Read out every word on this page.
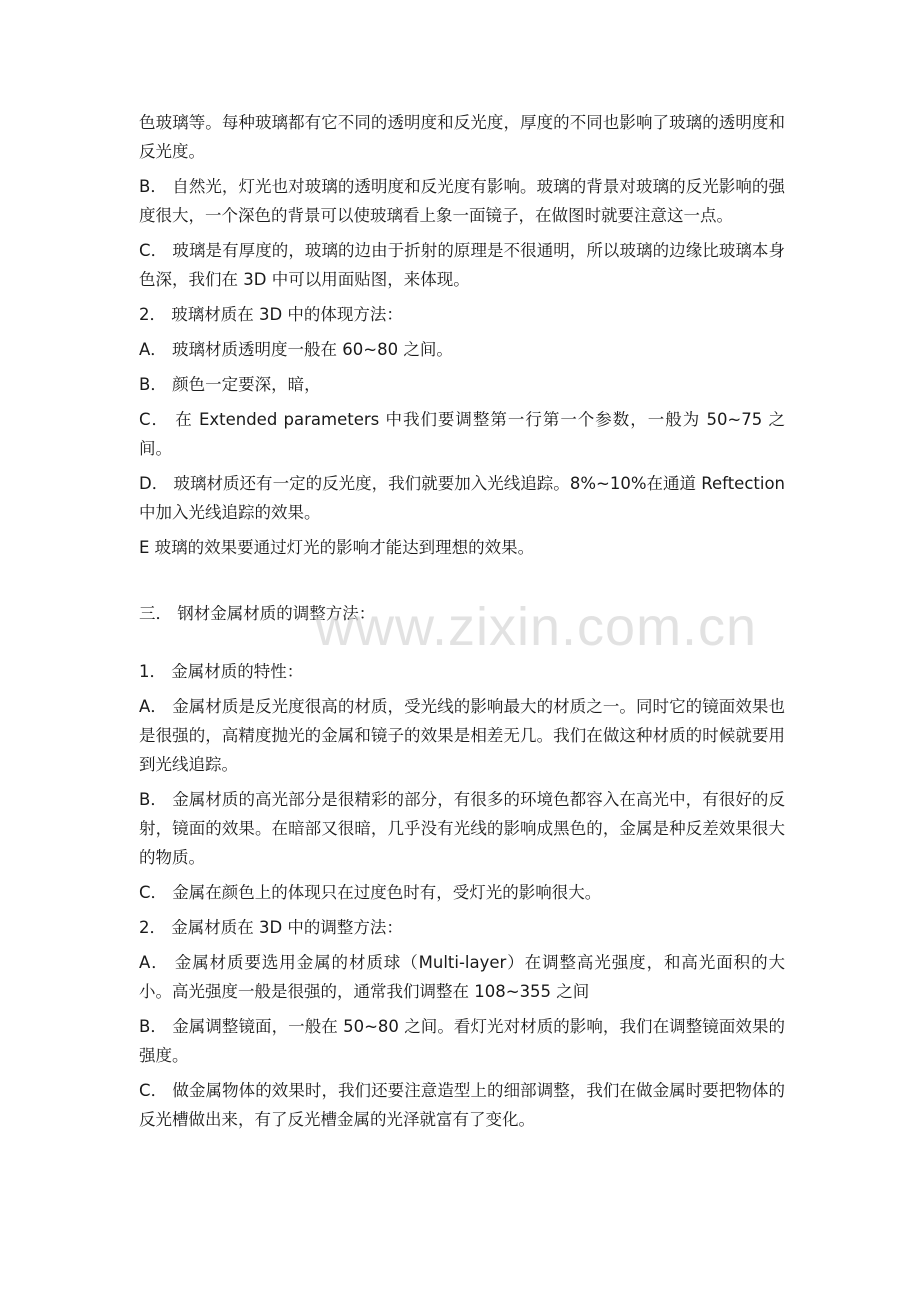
色玻璃等。每种玻璃都有它不同的透明度和反光度，厚度的不同也影响了玻璃的透明度和反光度。

B． 自然光，灯光也对玻璃的透明度和反光度有影响。玻璃的背景对玻璃的反光影响的强度很大，一个深色的背景可以使玻璃看上象一面镜子，在做图时就要注意这一点。

C． 玻璃是有厚度的，玻璃的边由于折射的原理是不很通明，所以玻璃的边缘比玻璃本身色深，我们在 3D 中可以用面贴图，来体现。

2． 玻璃材质在 3D 中的体现方法：

A． 玻璃材质透明度一般在 60~80 之间。

B． 颜色一定要深，暗，

C． 在 Extended parameters 中我们要调整第一行第一个参数，一般为 50~75 之间。

D． 玻璃材质还有一定的反光度，我们就要加入光线追踪。8%~10%在通道 Reftection 中加入光线追踪的效果。

E 玻璃的效果要通过灯光的影响才能达到理想的效果。

三． 钢材金属材质的调整方法：

1． 金属材质的特性：

A． 金属材质是反光度很高的材质，受光线的影响最大的材质之一。同时它的镜面效果也是很强的，高精度抛光的金属和镜子的效果是相差无几。我们在做这种材质的时候就要用到光线追踪。

B． 金属材质的高光部分是很精彩的部分，有很多的环境色都容入在高光中，有很好的反射，镜面的效果。在暗部又很暗，几乎没有光线的影响成黑色的，金属是种反差效果很大的物质。

C． 金属在颜色上的体现只在过度色时有，受灯光的影响很大。

2． 金属材质在 3D 中的调整方法：

A． 金属材质要选用金属的材质球（Multi-layer）在调整高光强度，和高光面积的大小。高光强度一般是很强的，通常我们调整在 108~355 之间

B． 金属调整镜面，一般在 50~80 之间。看灯光对材质的影响，我们在调整镜面效果的强度。

C． 做金属物体的效果时，我们还要注意造型上的细部调整，我们在做金属时要把物体的反光槽做出来，有了反光槽金属的光泽就富有了变化。

www.zixin.com.cn
